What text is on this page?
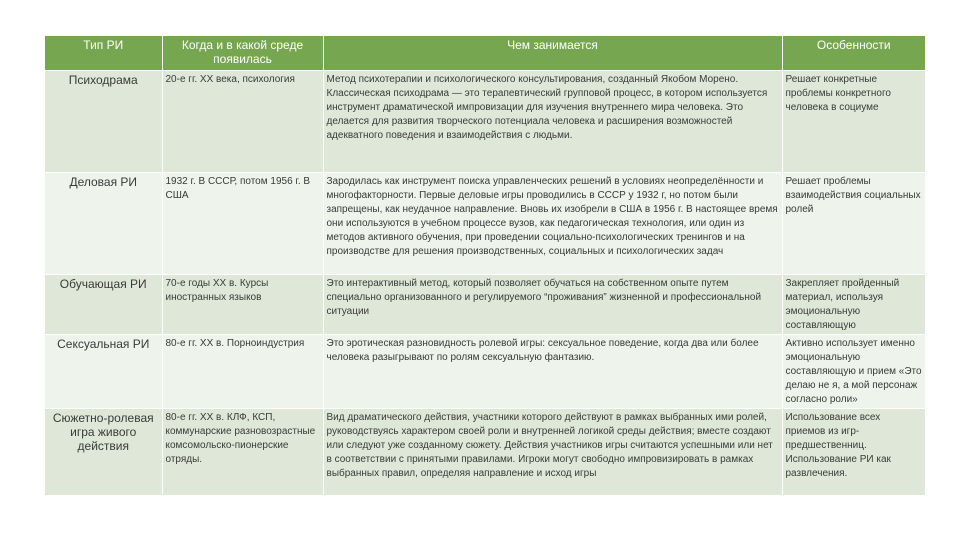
Тип РИ	Когда и в какой среде появилась	Чем занимается	Особенности
Психодрама	20-е гг. XX века, психология	Метод психотерапии и психологического консультирования, созданный Якобом Морено. Классическая психодрама — это терапевтический групповой процесс, в котором используется инструмент драматической импровизации для изучения внутреннего мира человека. Это делается для развития творческого потенциала человека и расширения возможностей адекватного поведения и взаимодействия с людьми.	Решает конкретные проблемы конкретного человека в социуме
Деловая РИ	1932 г. В СССР, потом 1956 г. В США	Зародилась как инструмент поиска управленческих решений в условиях неопределённости и многофакторности. Первые деловые игры проводились в СССР у 1932 г, но потом были запрещены, как неудачное направление. Вновь их изобрели в США в 1956 г. В настоящее время они используются в учебном процессе вузов, как педагогическая технология, или один из методов активного обучения, при проведении социально-психологических тренингов и на производстве для решения производственных, социальных и психологических задач	Решает проблемы взаимодействия социальных ролей
Обучающая РИ	70-е годы XX в. Курсы иностранных языков	Это интерактивный метод, который позволяет обучаться на собственном опыте путем специально организованного и регулируемого “проживания” жизненной и профессиональной ситуации	Закрепляет пройденный материал, используя эмоциональную составляющую
Сексуальная РИ	80-е гг. XX в. Порноиндустрия	Это эротическая разновидность ролевой игры: сексуальное поведение, когда два или более человека разыгрывают по ролям сексуальную фантазию.	Активно использует именно эмоциональную составляющую и прием «Это делаю не я, а мой персонаж согласно роли»
Сюжетно-ролевая игра живого действия	80-е гг. XX в. КЛФ, КСП, коммунарские разновозрастные комсомольско-пионерские отряды.	Вид драматического действия, участники которого действуют в рамках выбранных ими ролей, руководствуясь характером своей роли и внутренней логикой среды действия; вместе создают или следуют уже созданному сюжету. Действия участников игры считаются успешными или нет в соответствии с принятыми правилами. Игроки могут свободно импровизировать в рамках выбранных правил, определяя направление и исход игры	Использование всех приемов из игр-предшественниц. Использование РИ как развлечения.
